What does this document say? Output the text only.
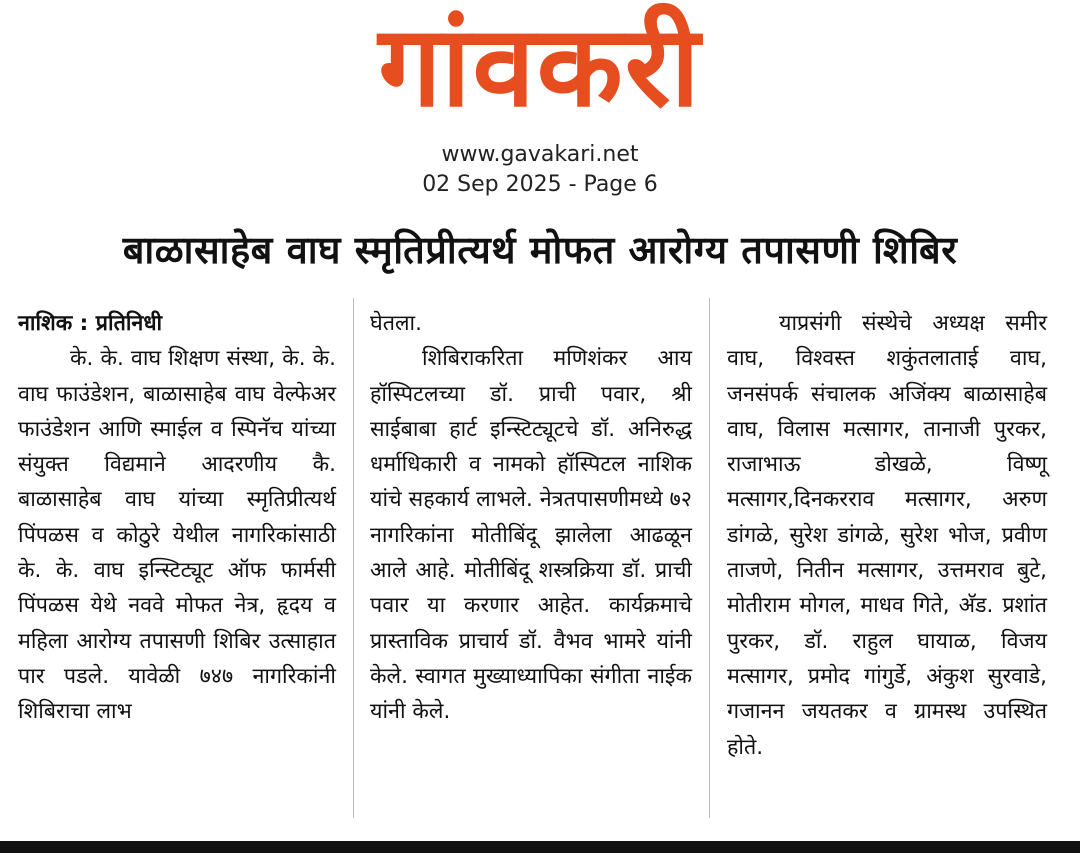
गांवकरी
www.gavakari.net
02 Sep 2025 - Page 6
बाळासाहेब वाघ स्मृतिप्रीत्यर्थ मोफत आरोग्य तपासणी शिबिर

नाशिक : प्रतिनिधी

के. के. वाघ शिक्षण संस्था, के. के. वाघ फाउंडेशन, बाळासाहेब वाघ वेल्फेअर फाउंडेशन आणि स्माईल व स्पिनॅच यांच्या संयुक्त विद्यमाने आदरणीय कै. बाळासाहेब वाघ यांच्या स्मृतिप्रीत्यर्थ पिंपळस व कोठुरे येथील नागरिकांसाठी के. के. वाघ इन्स्टिट्यूट ऑफ फार्मसी पिंपळस येथे नववे मोफत नेत्र, हृदय व महिला आरोग्य तपासणी शिबिर उत्साहात पार पडले. यावेळी ७४७ नागरिकांनी शिबिराचा लाभ

घेतला.

शिबिराकरिता मणिशंकर आय हॉस्पिटलच्या डॉ. प्राची पवार, श्री साईबाबा हार्ट इन्स्टिट्यूटचे डॉ. अनिरुद्ध धर्माधिकारी व नामको हॉस्पिटल नाशिक यांचे सहकार्य लाभले. नेत्रतपासणीमध्ये ७२ नागरिकांना मोतीबिंदू झालेला आढळून आले आहे. मोतीबिंदू शस्त्रक्रिया डॉ. प्राची पवार या करणार आहेत. कार्यक्रमाचे प्रास्ताविक प्राचार्य डॉ. वैभव भामरे यांनी केले. स्वागत मुख्याध्यापिका संगीता नाईक यांनी केले.

याप्रसंगी संस्थेचे अध्यक्ष समीर वाघ, विश्‍वस्त शकुंतलाताई वाघ, जनसंपर्क संचालक अजिंक्य बाळासाहेब वाघ, विलास मत्सागर, तानाजी पुरकर, राजाभाऊ डोखळे, विष्णू मत्सागर,दिनकरराव मत्सागर, अरुण डांगळे, सुरेश डांगळे, सुरेश भोज, प्रवीण ताजणे, नितीन मत्सागर, उत्तमराव बुटे, मोतीराम मोगल, माधव गिते, अ‍ॅड. प्रशांत पुरकर, डॉ. राहुल घायाळ, विजय मत्सागर, प्रमोद गांगुर्डे, अंकुश सुरवाडे, गजानन जयतकर व ग्रामस्थ उपस्थित होते.
